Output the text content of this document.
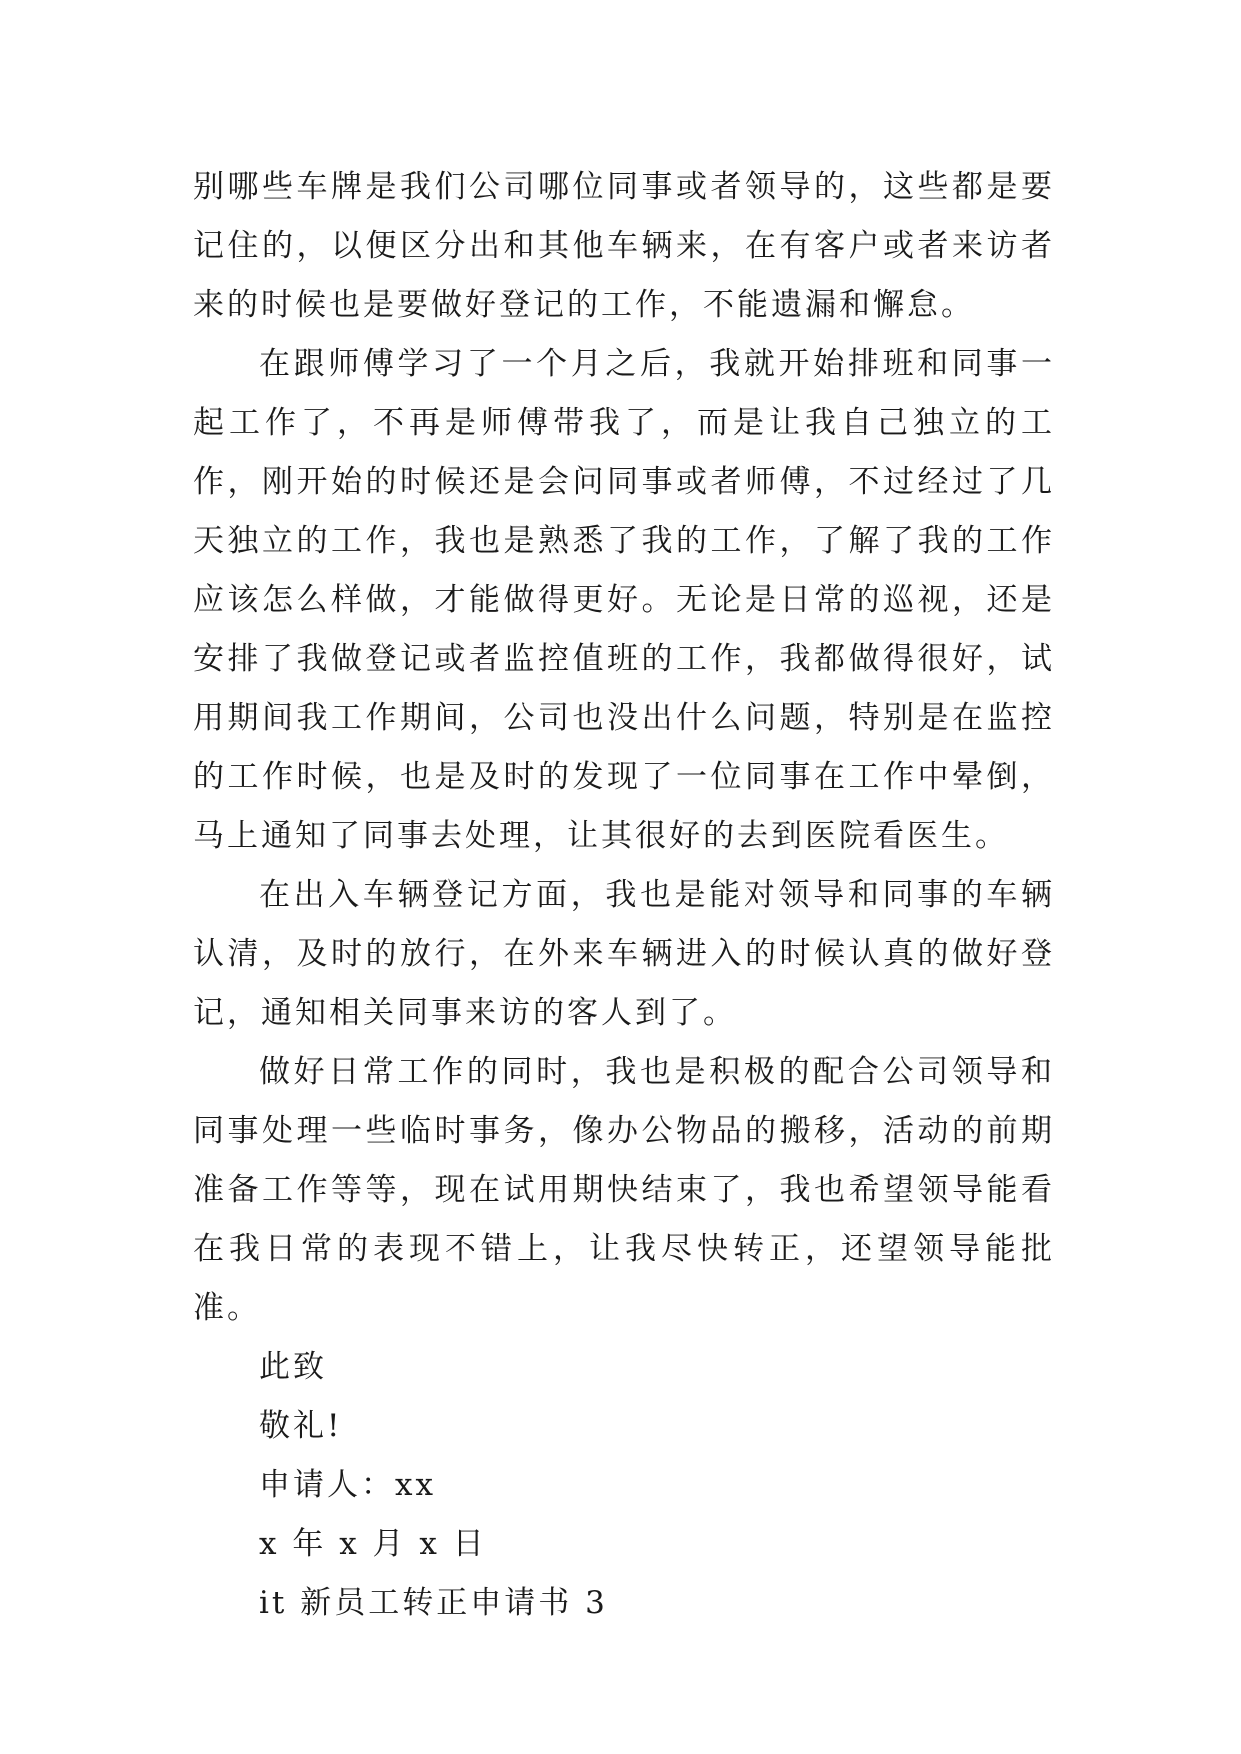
别哪些车牌是我们公司哪位同事或者领导的，这些都是要记住的，以便区分出和其他车辆来，在有客户或者来访者来的时候也是要做好登记的工作，不能遗漏和懈怠。

在跟师傅学习了一个月之后，我就开始排班和同事一起工作了，不再是师傅带我了，而是让我自己独立的工作，刚开始的时候还是会问同事或者师傅，不过经过了几天独立的工作，我也是熟悉了我的工作，了解了我的工作应该怎么样做，才能做得更好。无论是日常的巡视，还是安排了我做登记或者监控值班的工作，我都做得很好，试用期间我工作期间，公司也没出什么问题，特别是在监控的工作时候，也是及时的发现了一位同事在工作中晕倒，马上通知了同事去处理，让其很好的去到医院看医生。

在出入车辆登记方面，我也是能对领导和同事的车辆认清，及时的放行，在外来车辆进入的时候认真的做好登记，通知相关同事来访的客人到了。

做好日常工作的同时，我也是积极的配合公司领导和同事处理一些临时事务，像办公物品的搬移，活动的前期准备工作等等，现在试用期快结束了，我也希望领导能看在我日常的表现不错上，让我尽快转正，还望领导能批准。

此致

敬礼!

申请人：xx

x 年 x 月 x 日

it 新员工转正申请书 3
